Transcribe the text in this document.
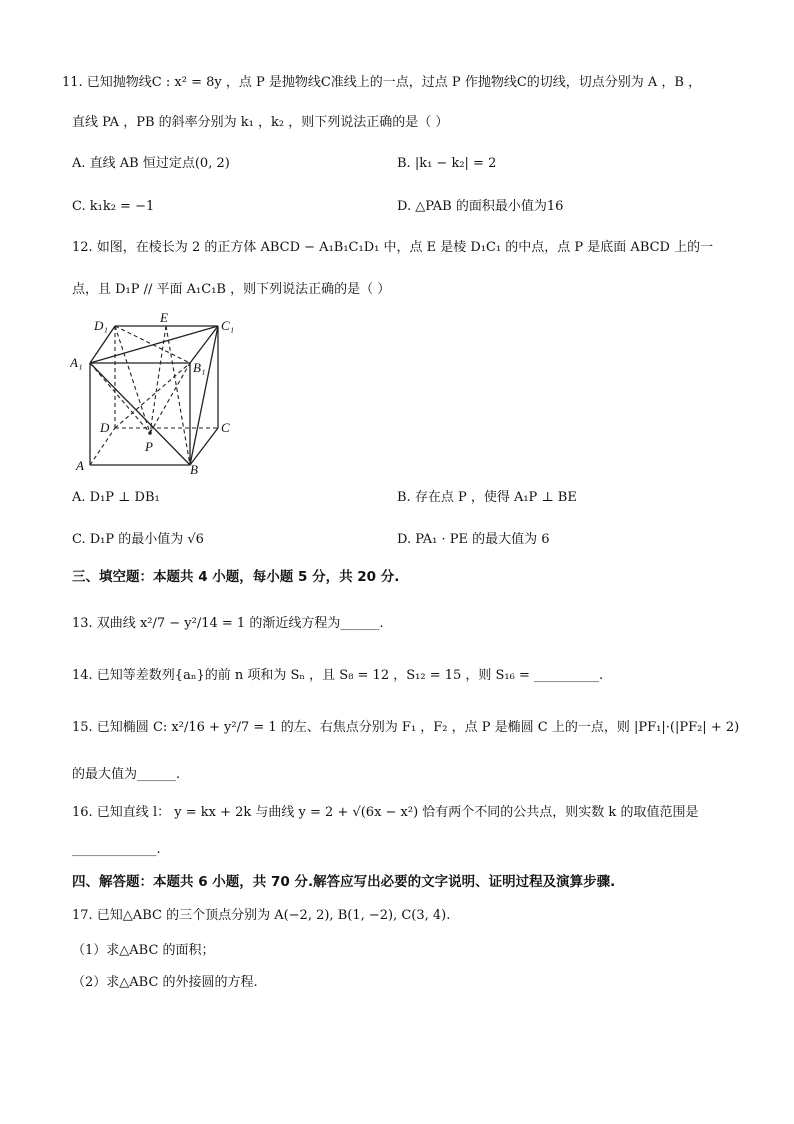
11. 已知抛物线C : x² = 8y ，点 P 是抛物线C准线上的一点，过点 P 作抛物线C的切线，切点分别为 A ，B ，
直线 PA ，PB 的斜率分别为 k₁ ，k₂ ，则下列说法正确的是（ ）
A. 直线 AB 恒过定点(0, 2)	B. |k₁ − k₂| = 2
C. k₁k₂ = −1	D. △PAB 的面积最小值为16
12. 如图，在棱长为 2 的正方体 ABCD − A₁B₁C₁D₁ 中，点 E 是棱 D₁C₁ 的中点，点 P 是底面 ABCD 上的一
点，且 D₁P // 平面 A₁C₁B ，则下列说法正确的是（ ）
D₁
E
C₁
A₁	B₁
D	C
A
P
B
A. D₁P ⊥ DB₁	B. 存在点 P ，使得 A₁P ⊥ BE
C. D₁P 的最小值为 √6	D. PA₁ · PE 的最大值为 6
三、填空题：本题共 4 小题，每小题 5 分，共 20 分.
13. 双曲线 x²/7 − y²/14 = 1 的渐近线方程为______.
14. 已知等差数列{aₙ}的前 n 项和为 Sₙ ，且 S₈ = 12 ，S₁₂ = 15 ，则 S₁₆ = __________.
15. 已知椭圆 C: x²/16 + y²/7 = 1 的左、右焦点分别为 F₁ ，F₂ ，点 P 是椭圆 C 上的一点，则 |PF₁|·(|PF₂| + 2)
的最大值为______.
16. 已知直线 l： y = kx + 2k 与曲线 y = 2 + √(6x − x²) 恰有两个不同的公共点，则实数 k 的取值范围是
_____________.
四、解答题：本题共 6 小题，共 70 分.解答应写出必要的文字说明、证明过程及演算步骤.
17. 已知△ABC 的三个顶点分别为 A(−2, 2), B(1, −2), C(3, 4).
（1）求△ABC 的面积；
（2）求△ABC 的外接圆的方程.
